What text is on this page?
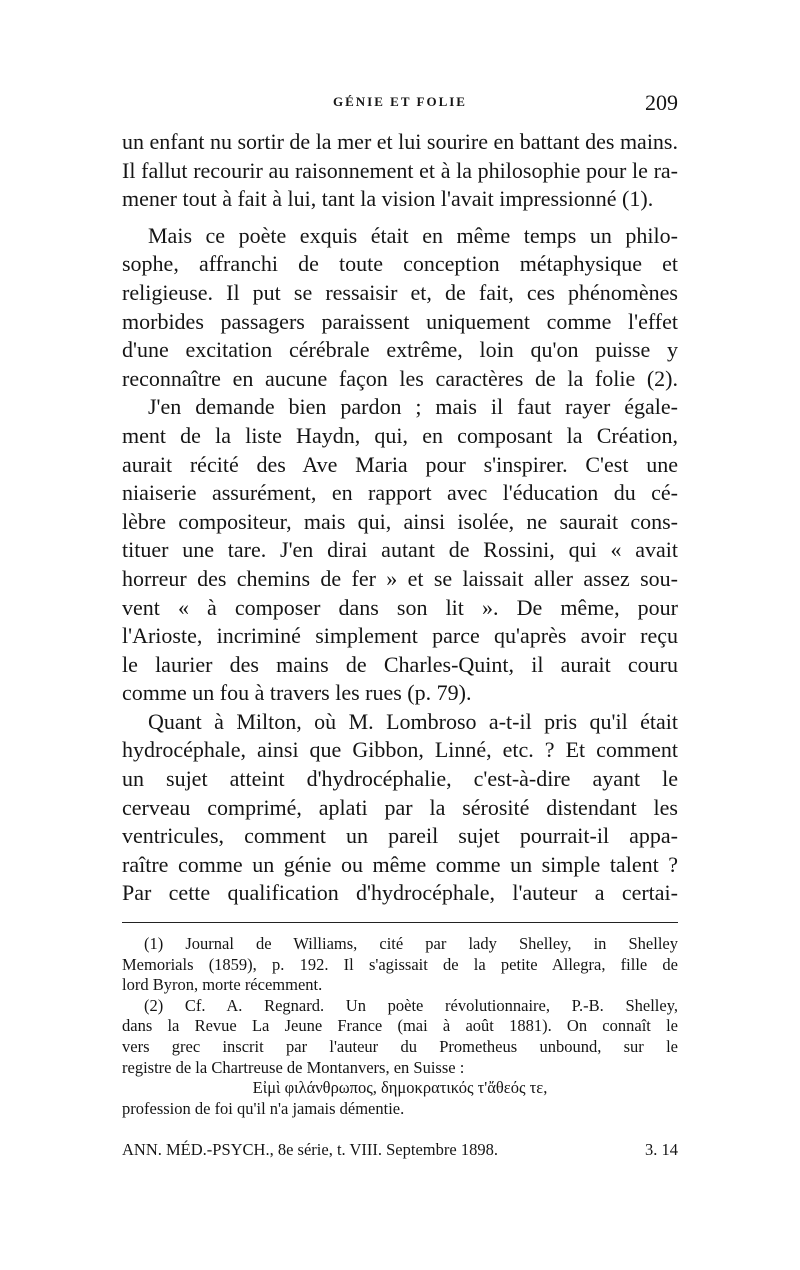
GÉNIE ET FOLIE	209
un enfant nu sortir de la mer et lui sourire en battant des mains.
Il fallut recourir au raisonnement et à la philosophie pour le ra-
mener tout à fait à lui, tant la vision l'avait impressionné (1).
Mais ce poète exquis était en même temps un philo-
sophe, affranchi de toute conception métaphysique et
religieuse. Il put se ressaisir et, de fait, ces phénomènes
morbides passagers paraissent uniquement comme l'effet
d'une excitation cérébrale extrême, loin qu'on puisse y
reconnaître en aucune façon les caractères de la folie (2).
J'en demande bien pardon ; mais il faut rayer égale-
ment de la liste Haydn, qui, en composant la Création,
aurait récité des Ave Maria pour s'inspirer. C'est une
niaiserie assurément, en rapport avec l'éducation du cé-
lèbre compositeur, mais qui, ainsi isolée, ne saurait cons-
tituer une tare. J'en dirai autant de Rossini, qui « avait
horreur des chemins de fer » et se laissait aller assez sou-
vent « à composer dans son lit ». De même, pour
l'Arioste, incriminé simplement parce qu'après avoir reçu
le laurier des mains de Charles-Quint, il aurait couru
comme un fou à travers les rues (p. 79).
Quant à Milton, où M. Lombroso a-t-il pris qu'il était
hydrocéphale, ainsi que Gibbon, Linné, etc. ? Et comment
un sujet atteint d'hydrocéphalie, c'est-à-dire ayant le
cerveau comprimé, aplati par la sérosité distendant les
ventricules, comment un pareil sujet pourrait-il appa-
raître comme un génie ou même comme un simple talent ?
Par cette qualification d'hydrocéphale, l'auteur a certai-
(1) Journal de Williams, cité par lady Shelley, in Shelley
Memorials (1859), p. 192. Il s'agissait de la petite Allegra, fille de
lord Byron, morte récemment.
(2) Cf. A. Regnard. Un poète révolutionnaire, P.-B. Shelley,
dans la Revue La Jeune France (mai à août 1881). On connaît le
vers grec inscrit par l'auteur du Prometheus unbound, sur le
registre de la Chartreuse de Montanvers, en Suisse :
Εἰμὶ φιλάνθρωπος, δημοκρατικός τ'ἄθεός τε,
profession de foi qu'il n'a jamais démentie.
ANN. MÉD.-PSYCH., 8e série, t. VIII. Septembre 1898.	3. 14
